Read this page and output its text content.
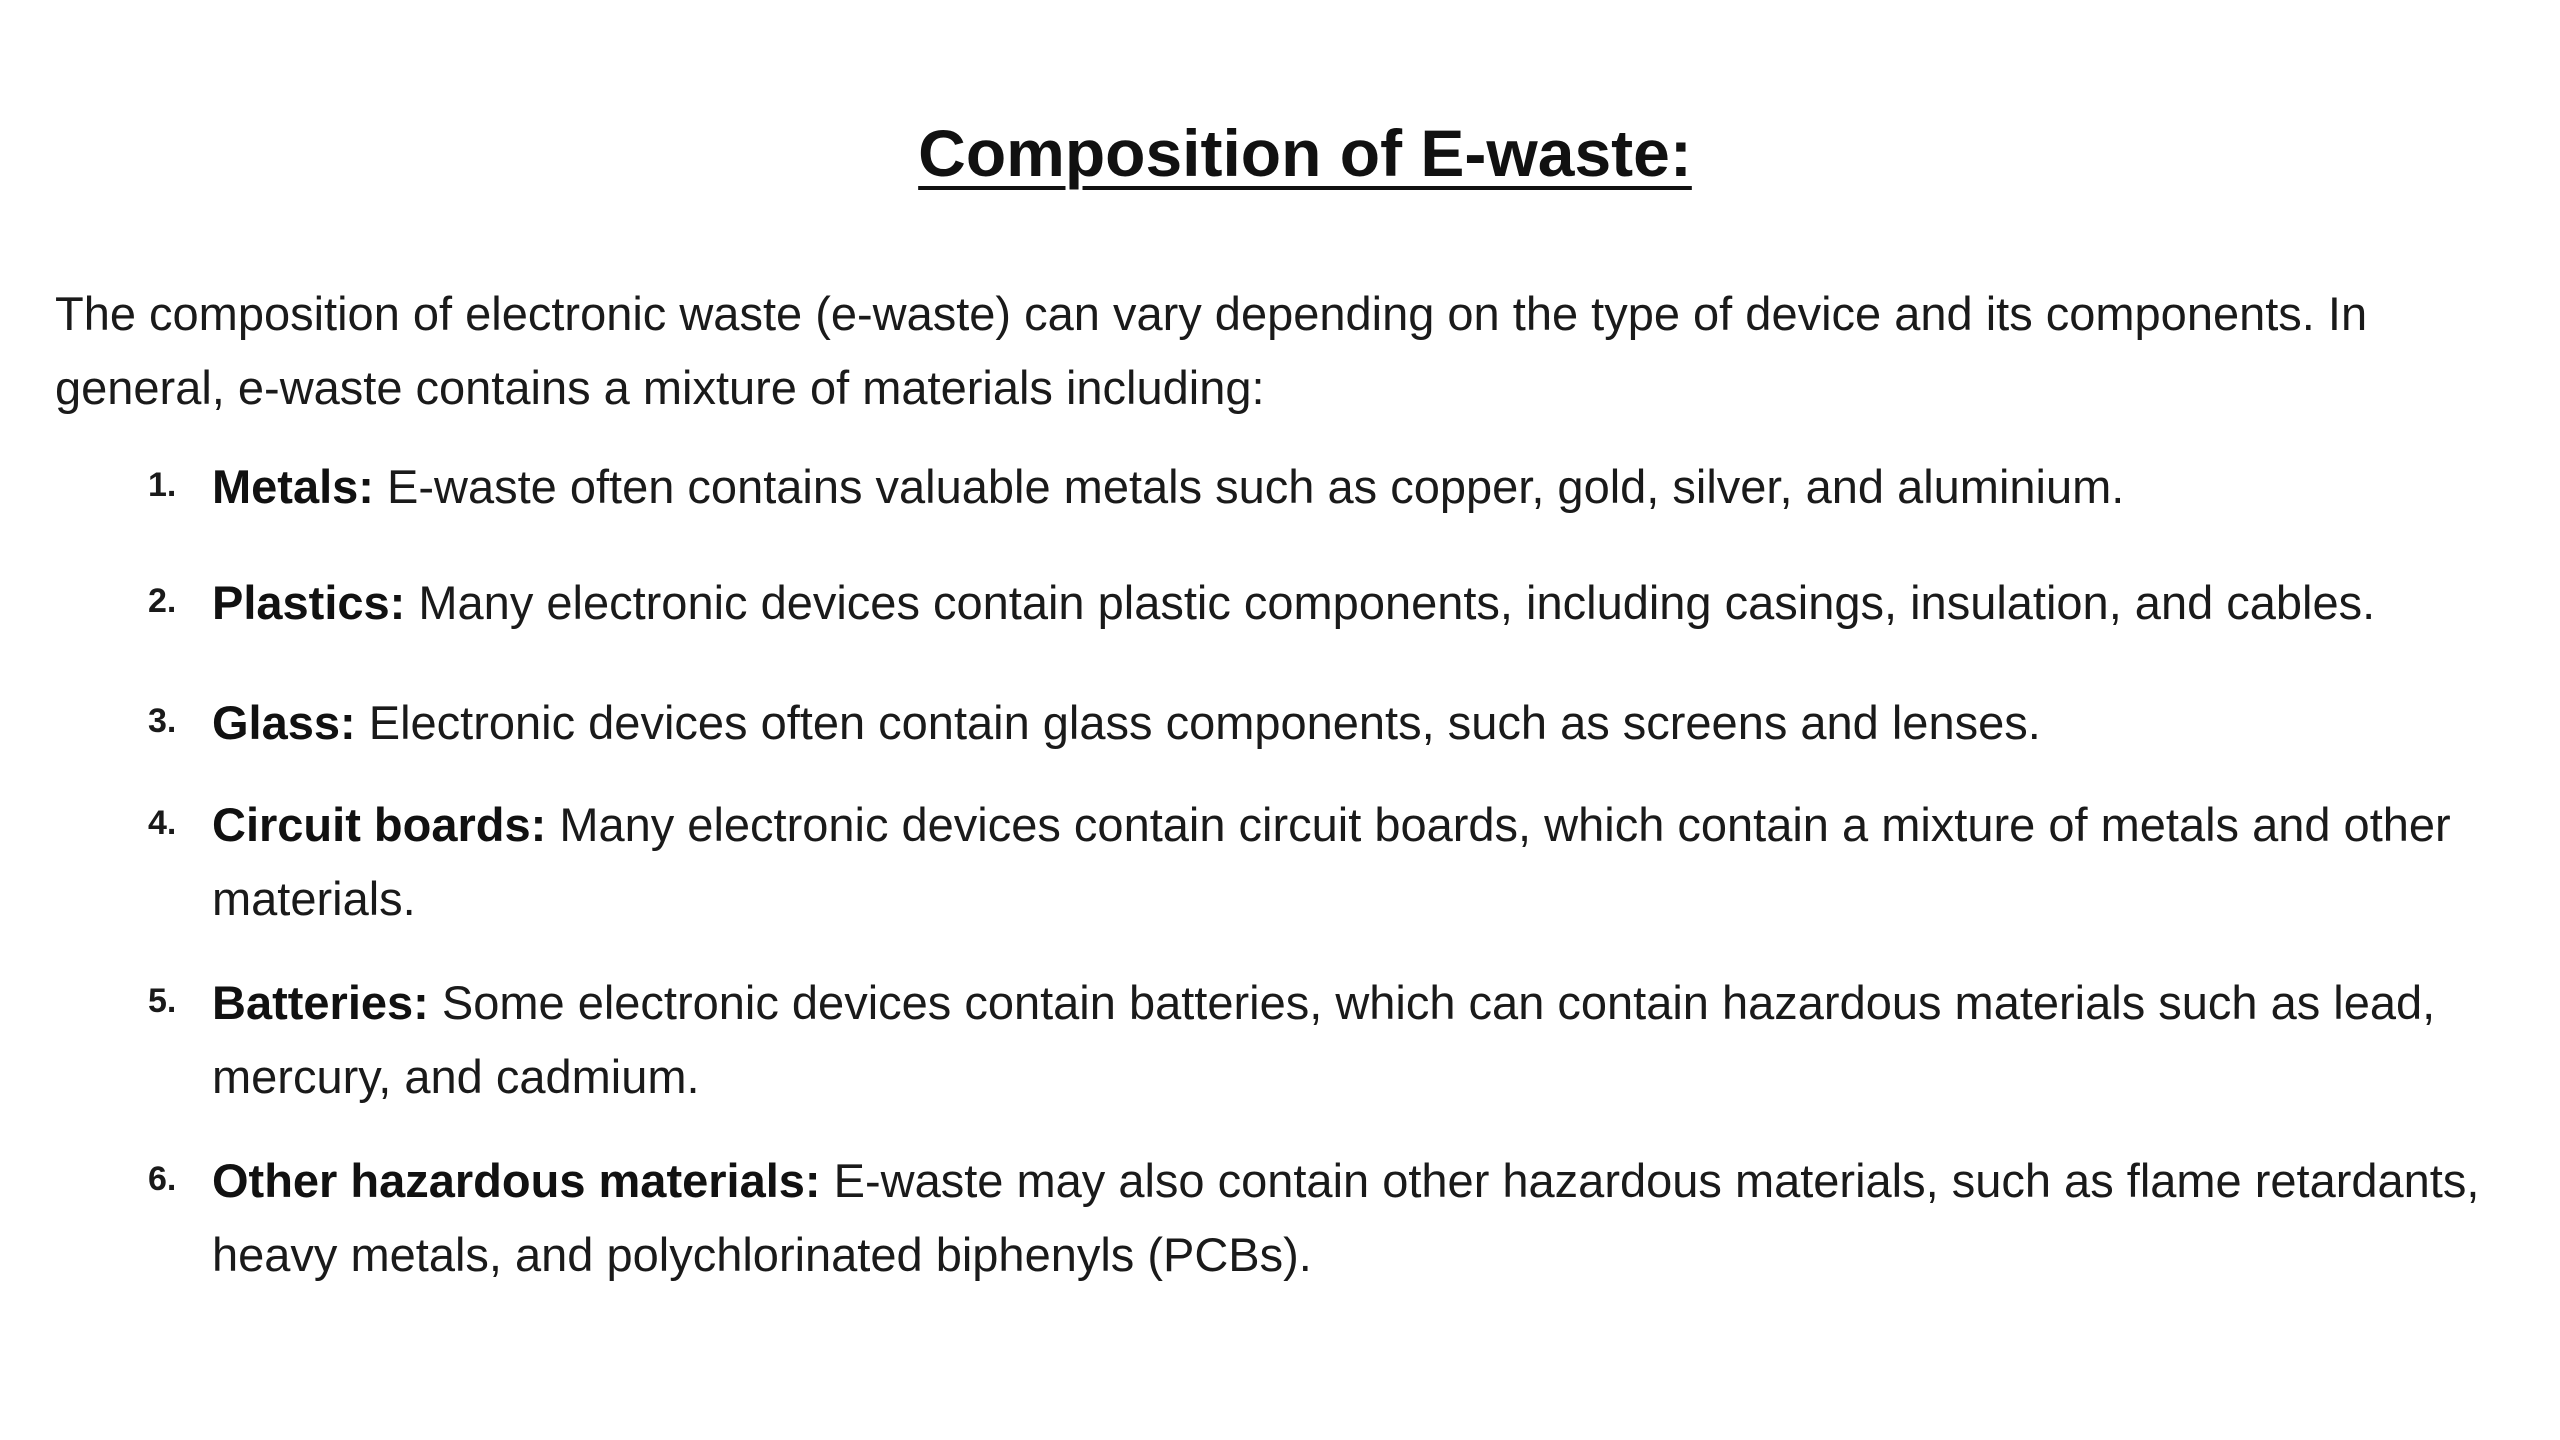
Composition of E-waste:

The composition of electronic waste (e-waste) can vary depending on the type of device and its components. In general, e-waste contains a mixture of materials including:

1. Metals: E-waste often contains valuable metals such as copper, gold, silver, and aluminium.
2. Plastics: Many electronic devices contain plastic components, including casings, insulation, and cables.
3. Glass: Electronic devices often contain glass components, such as screens and lenses.
4. Circuit boards: Many electronic devices contain circuit boards, which contain a mixture of metals and other materials.
5. Batteries: Some electronic devices contain batteries, which can contain hazardous materials such as lead, mercury, and cadmium.
6. Other hazardous materials: E-waste may also contain other hazardous materials, such as flame retardants, heavy metals, and polychlorinated biphenyls (PCBs).
